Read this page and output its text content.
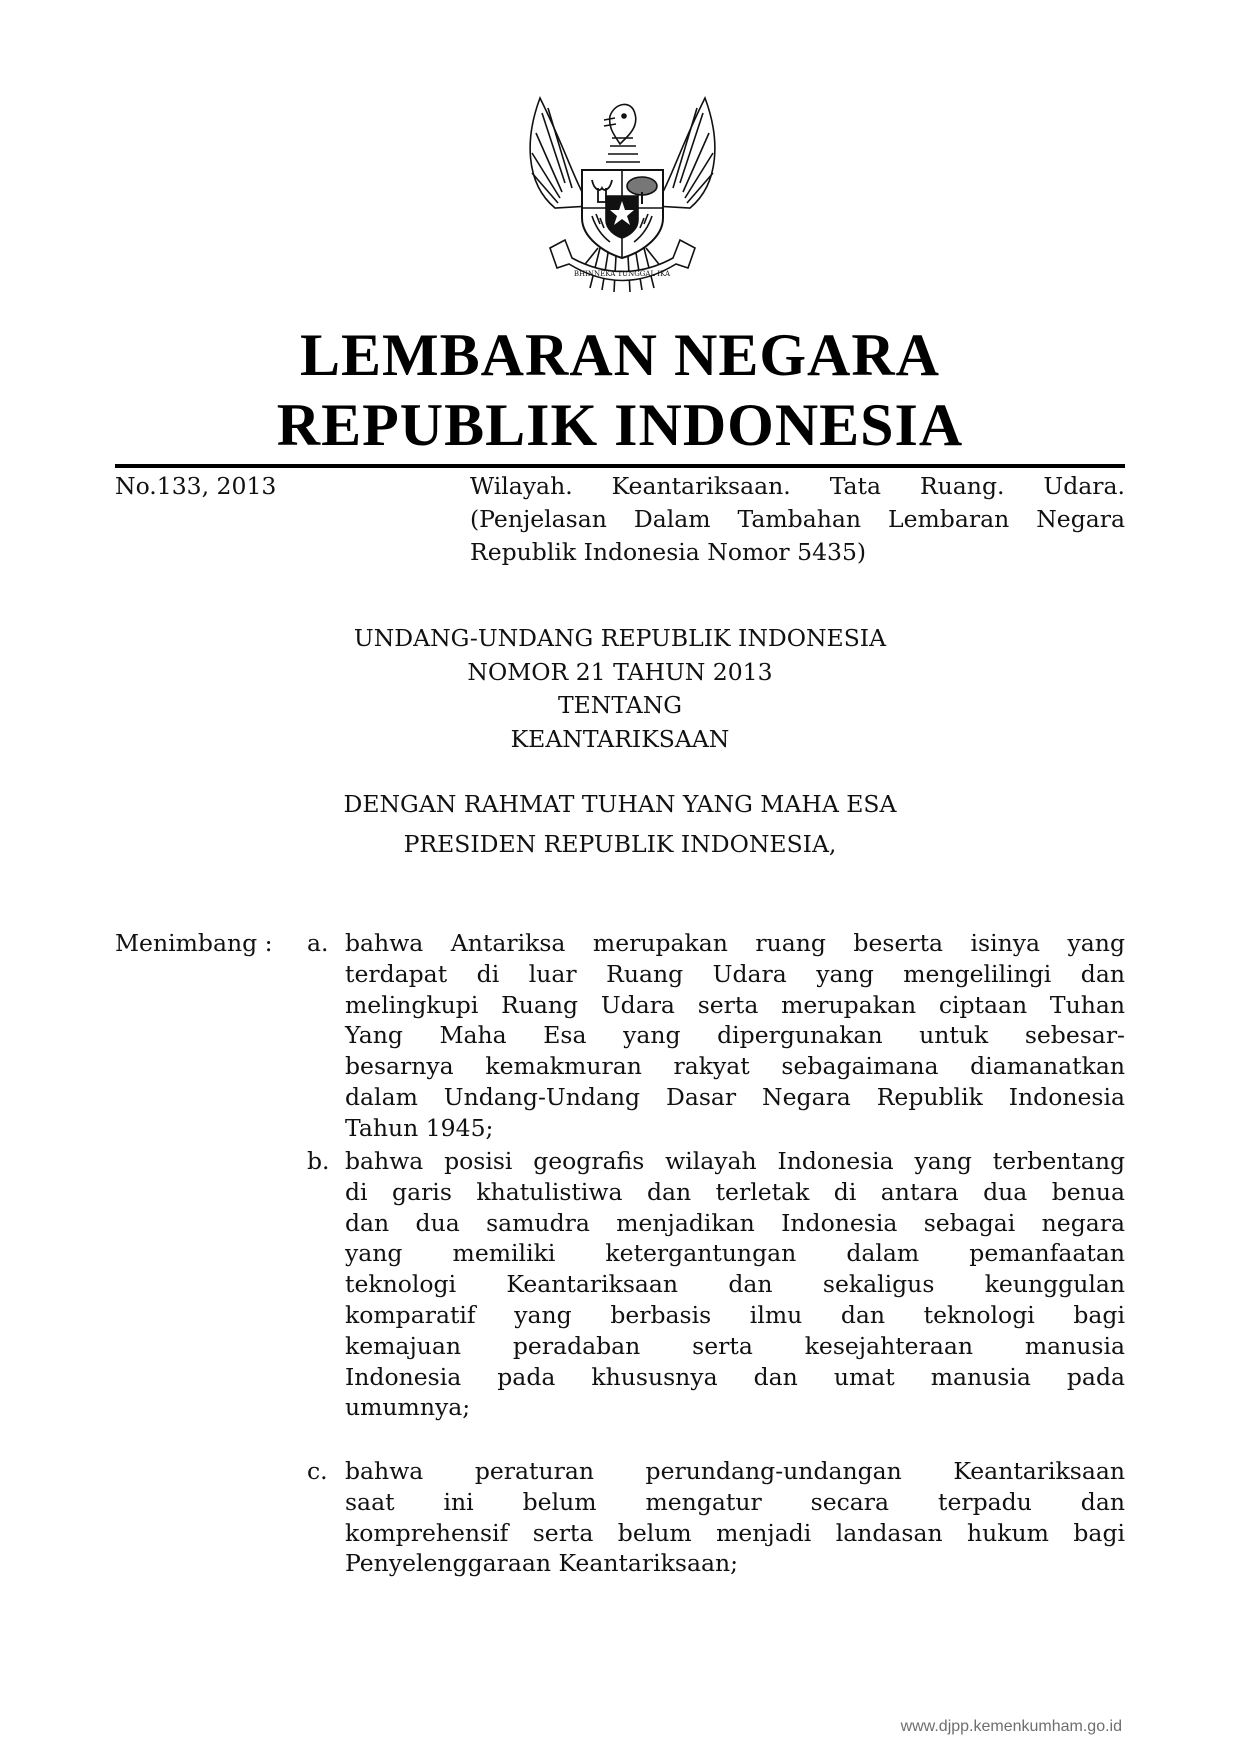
BHINNEKA TUNGGAL IKA
LEMBARAN NEGARA
REPUBLIK INDONESIA
No.133, 2013	Wilayah. Keantariksaan. Tata Ruang. Udara.
(Penjelasan Dalam Tambahan Lembaran Negara
Republik Indonesia Nomor 5435)
UNDANG-UNDANG REPUBLIK INDONESIA
NOMOR 21 TAHUN 2013
TENTANG
KEANTARIKSAAN
DENGAN RAHMAT TUHAN YANG MAHA ESA
PRESIDEN REPUBLIK INDONESIA,
Menimbang : a. bahwa Antariksa merupakan ruang beserta isinya yang
terdapat di luar Ruang Udara yang mengelilingi dan
melingkupi Ruang Udara serta merupakan ciptaan Tuhan
Yang Maha Esa yang dipergunakan untuk sebesar-
besarnya kemakmuran rakyat sebagaimana diamanatkan
dalam Undang-Undang Dasar Negara Republik Indonesia
Tahun 1945;
b. bahwa posisi geografis wilayah Indonesia yang terbentang
di garis khatulistiwa dan terletak di antara dua benua
dan dua samudra menjadikan Indonesia sebagai negara
yang memiliki ketergantungan dalam pemanfaatan
teknologi Keantariksaan dan sekaligus keunggulan
komparatif yang berbasis ilmu dan teknologi bagi
kemajuan peradaban serta kesejahteraan manusia
Indonesia pada khususnya dan umat manusia pada
umumnya;
c. bahwa peraturan perundang-undangan Keantariksaan
saat ini belum mengatur secara terpadu dan
komprehensif serta belum menjadi landasan hukum bagi
Penyelenggaraan Keantariksaan;
www.djpp.kemenkumham.go.id
